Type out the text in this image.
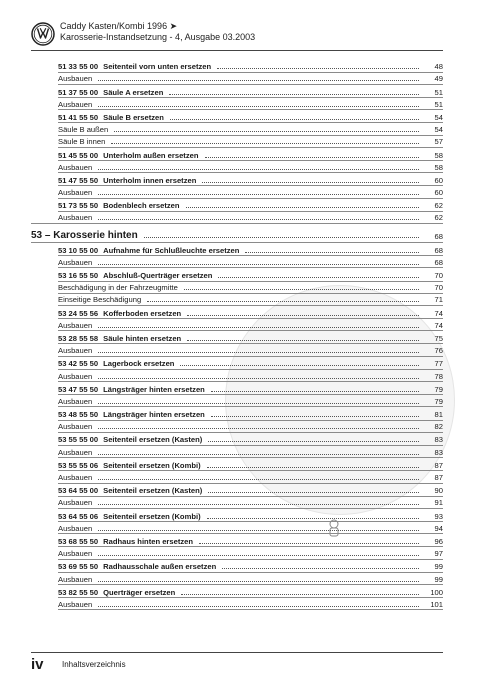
Caddy Kasten/Kombi 1996 ➤
Karosserie-Instandsetzung - 4, Ausgabe 03.2003
51 33 55 00 Seitenteil vorn unten ersetzen	48
Ausbauen	49
51 37 55 00 Säule A ersetzen	51
Ausbauen	51
51 41 55 50 Säule B ersetzen	54
Säule B außen	54
Säule B innen	57
51 45 55 00 Unterholm außen ersetzen	58
Ausbauen	58
51 47 55 50 Unterholm innen ersetzen	60
Ausbauen	60
51 73 55 50 Bodenblech ersetzen	62
Ausbauen	62
53 – Karosserie hinten	68
53 10 55 00 Aufnahme für Schlußleuchte ersetzen	68
Ausbauen	68
53 16 55 50 Abschluß-Querträger ersetzen	70
Beschädigung in der Fahrzeugmitte	70
Einseitige Beschädigung	71
53 24 55 56 Kofferboden ersetzen	74
Ausbauen	74
53 28 55 58 Säule hinten ersetzen	75
Ausbauen	76
53 42 55 50 Lagerbock ersetzen	77
Ausbauen	78
53 47 55 50 Längsträger hinten ersetzen	79
Ausbauen	79
53 48 55 50 Längsträger hinten ersetzen	81
Ausbauen	82
53 55 55 00 Seitenteil ersetzen (Kasten)	83
Ausbauen	83
53 55 55 06 Seitenteil ersetzen (Kombi)	87
Ausbauen	87
53 64 55 00 Seitenteil ersetzen (Kasten)	90
Ausbauen	91
53 64 55 06 Seitenteil ersetzen (Kombi)	93
Ausbauen	94
53 68 55 50 Radhaus hinten ersetzen	96
Ausbauen	97
53 69 55 50 Radhausschale außen ersetzen	99
Ausbauen	99
53 82 55 50 Querträger ersetzen	100
Ausbauen	101
iv Inhaltsverzeichnis
